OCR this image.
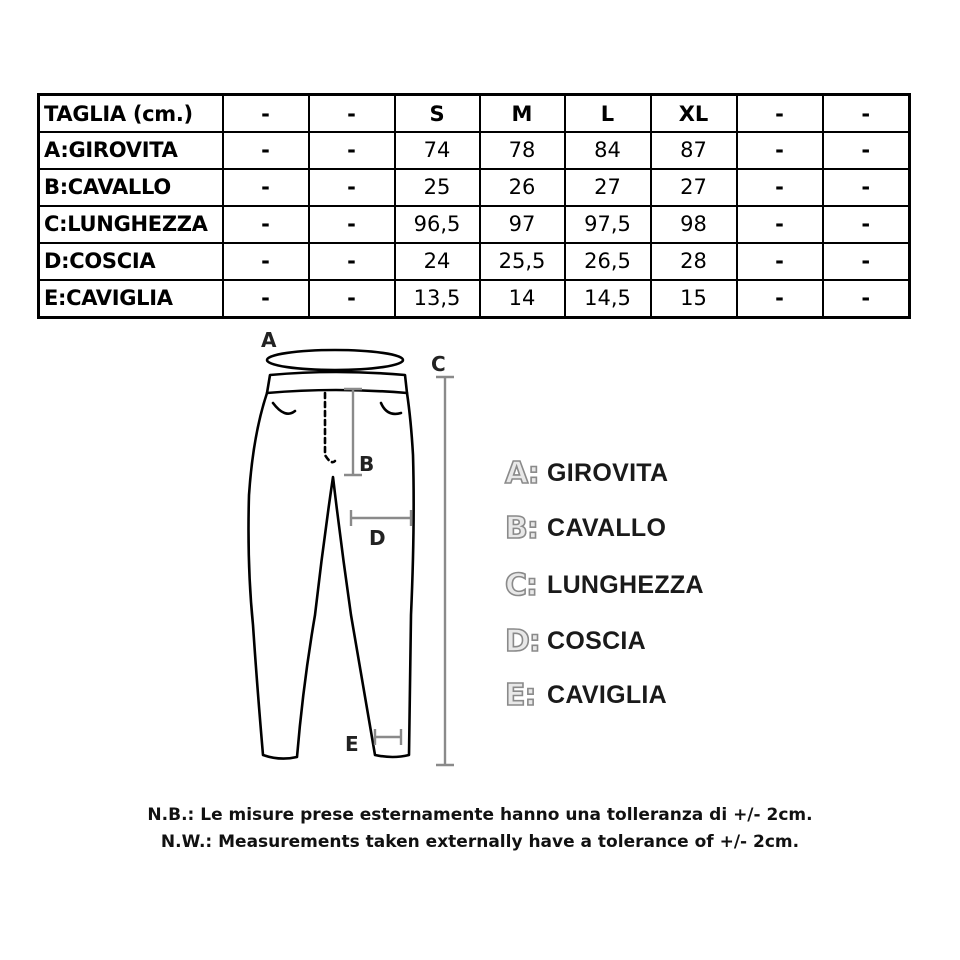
TAGLIA (cm.)	-	-	S	M	L	XL	-	-
A:GIROVITA	-	-	74	78	84	87	-	-
B:CAVALLO	-	-	25	26	27	27	-	-
C:LUNGHEZZA	-	-	96,5	97	97,5	98	-	-
D:COSCIA	-	-	24	25,5	26,5	28	-	-
E:CAVIGLIA	-	-	13,5	14	14,5	15	-	-
A
B
C
D
E
A: GIROVITA
B: CAVALLO
C: LUNGHEZZA
D: COSCIA
E: CAVIGLIA
N.B.: Le misure prese esternamente hanno una tolleranza di +/- 2cm.
N.W.: Measurements taken externally have a tolerance of +/- 2cm.
